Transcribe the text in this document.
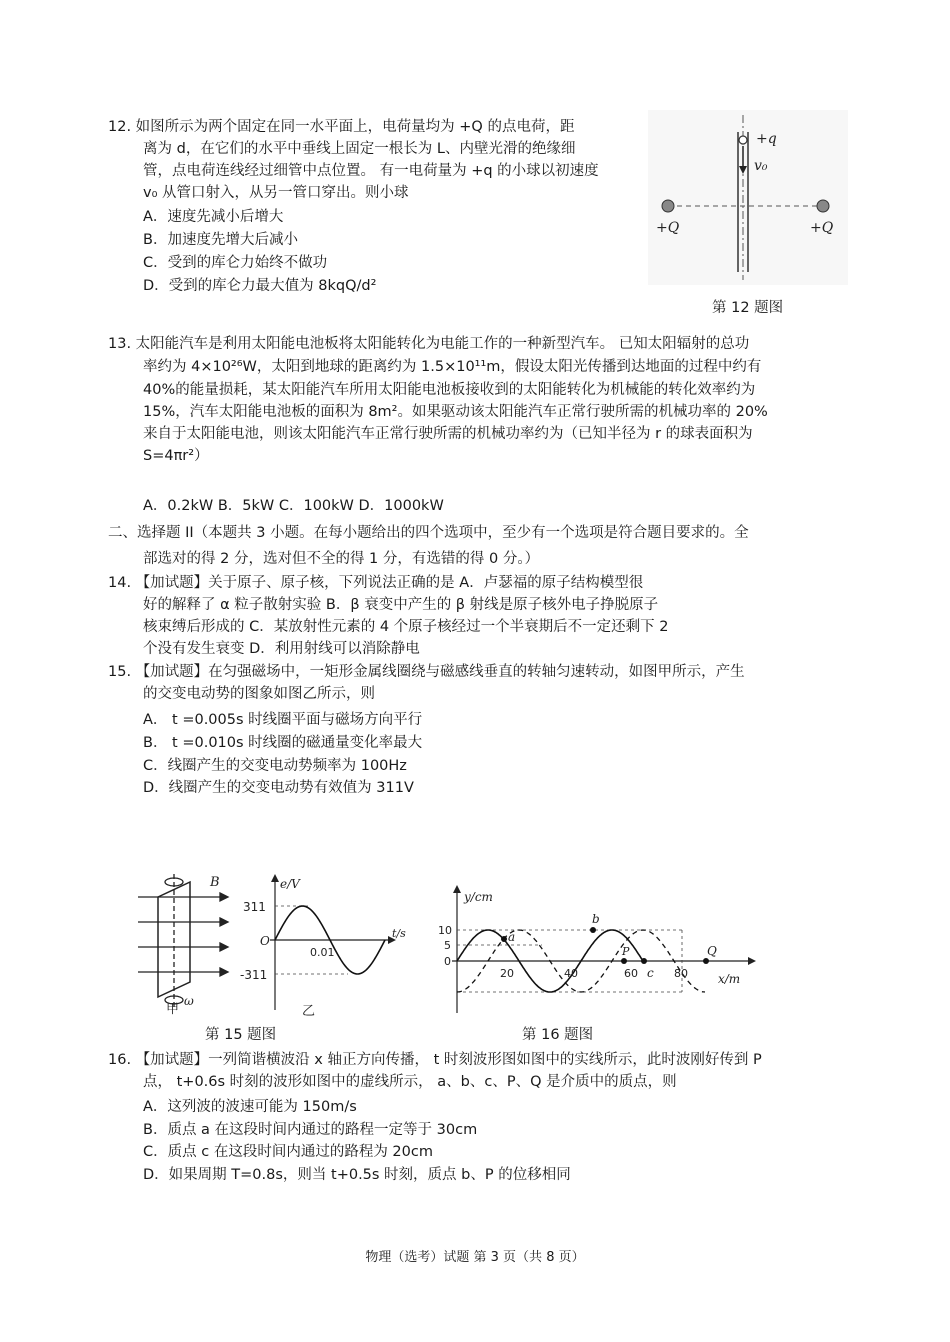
12. 如图所示为两个固定在同一水平面上，电荷量均为 +Q 的点电荷，距
离为 d，在它们的水平中垂线上固定一根长为 L、内壁光滑的绝缘细
管，点电荷连线经过细管中点位置。 有一电荷量为 +q 的小球以初速度
v₀ 从管口射入，从另一管口穿出。则小球
A．速度先减小后增大
B．加速度先增大后减小
C．受到的库仑力始终不做功
D．受到的库仑力最大值为 8kqQ/d²
+q
v₀
+Q	+Q
第 12 题图
13. 太阳能汽车是利用太阳能电池板将太阳能转化为电能工作的一种新型汽车。 已知太阳辐射的总功
率约为 4×10²⁶W，太阳到地球的距离约为 1.5×10¹¹m，假设太阳光传播到达地面的过程中约有
40%的能量损耗，某太阳能汽车所用太阳能电池板接收到的太阳能转化为机械能的转化效率约为
15%，汽车太阳能电池板的面积为 8m²。如果驱动该太阳能汽车正常行驶所需的机械功率的 20%
来自于太阳能电池，则该太阳能汽车正常行驶所需的机械功率约为（已知半径为 r 的球表面积为
S=4πr²）
A．0.2kW B．5kW C．100kW D．1000kW
二、选择题 II（本题共 3 小题。在每小题给出的四个选项中，至少有一个选项是符合题目要求的。全
部选对的得 2 分，选对但不全的得 1 分，有选错的得 0 分。）
14. 【加试题】关于原子、原子核，下列说法正确的是 A．卢瑟福的原子结构模型很
好的解释了 α 粒子散射实验 B．β 衰变中产生的 β 射线是原子核外电子挣脱原子
核束缚后形成的 C．某放射性元素的 4 个原子核经过一个半衰期后不一定还剩下 2
个没有发生衰变 D．利用射线可以消除静电
15. 【加试题】在匀强磁场中，一矩形金属线圈绕与磁感线垂直的转轴匀速转动，如图甲所示，产生
的交变电动势的图象如图乙所示，则
A． t =0.005s 时线圈平面与磁场方向平行
B． t =0.010s 时线圈的磁通量变化率最大
C．线圈产生的交变电动势频率为 100Hz
D．线圈产生的交变电动势有效值为 311V
B
ω
甲
e/V
t/s
311
-311
O
0.01
乙
第 15 题图
a
b
P
c
Q
y/cm
x/m
10
5
0
20	40	60	80
第 16 题图
16. 【加试题】一列简谐横波沿 x 轴正方向传播， t 时刻波形图如图中的实线所示，此时波刚好传到 P
点， t+0.6s 时刻的波形如图中的虚线所示， a、b、c、P、Q 是介质中的质点，则
A．这列波的波速可能为 150m/s
B．质点 a 在这段时间内通过的路程一定等于 30cm
C．质点 c 在这段时间内通过的路程为 20cm
D．如果周期 T=0.8s，则当 t+0.5s 时刻，质点 b、P 的位移相同
物理（选考）试题 第 3 页（共 8 页）
